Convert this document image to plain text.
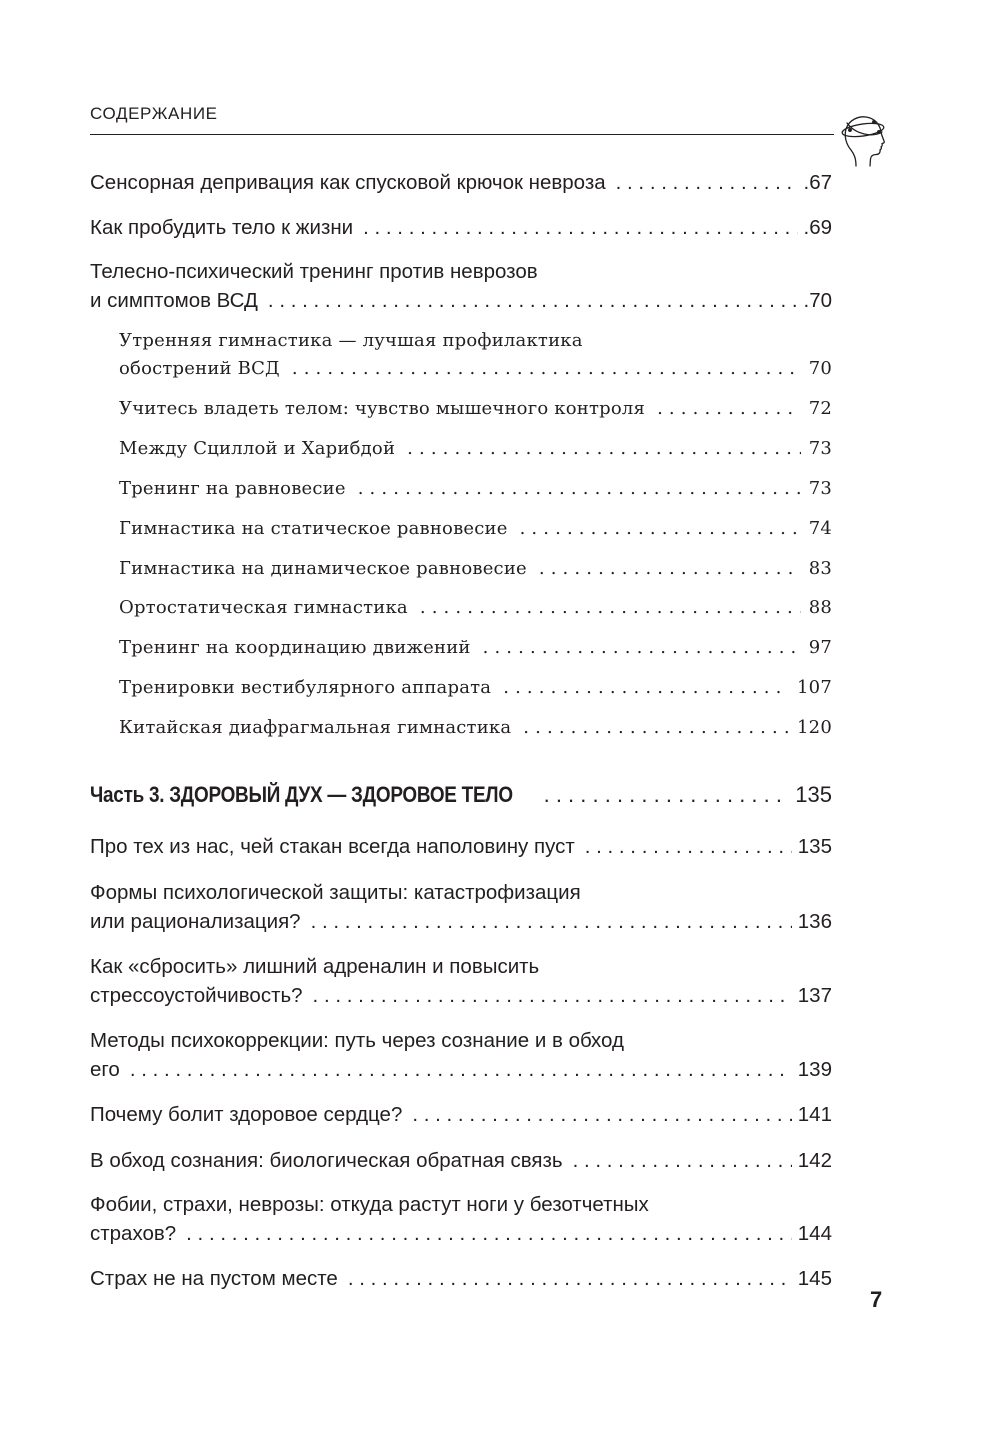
СОДЕРЖАНИЕ
Сенсорная депривация как спусковой крючок невроза . . .	.67
Как пробудить тело к жизни . . .	.69
Телесно-психический тренинг против неврозов
и симптомов ВСД . . .	.70
Утренняя гимнастика — лучшая профилактика
обострений ВСД . . .	70
Учитесь владеть телом: чувство мышечного контроля . . .	72
Между Сциллой и Харибдой . . .	73
Тренинг на равновесие . . .	73
Гимнастика на статическое равновесие . . .	74
Гимнастика на динамическое равновесие . . .	83
Ортостатическая гимнастика . . .	88
Тренинг на координацию движений . . .	97
Тренировки вестибулярного аппарата . . .	107
Китайская диафрагмальная гимнастика . . .	120
Часть 3. ЗДОРОВЫЙ ДУХ — ЗДОРОВОЕ ТЕЛО . . .	135
Про тех из нас, чей стакан всегда наполовину пуст . . .	135
Формы психологической защиты: катастрофизация
или рационализация? . . .	136
Как «сбросить» лишний адреналин и повысить
стрессоустойчивость? . . .	137
Методы психокоррекции: путь через сознание и в обход
его . . .	139
Почему болит здоровое сердце? . . .	141
В обход сознания: биологическая обратная связь . . .	142
Фобии, страхи, неврозы: откуда растут ноги у безотчетных
страхов? . . .	144
Страх не на пустом месте . . .	145
7
